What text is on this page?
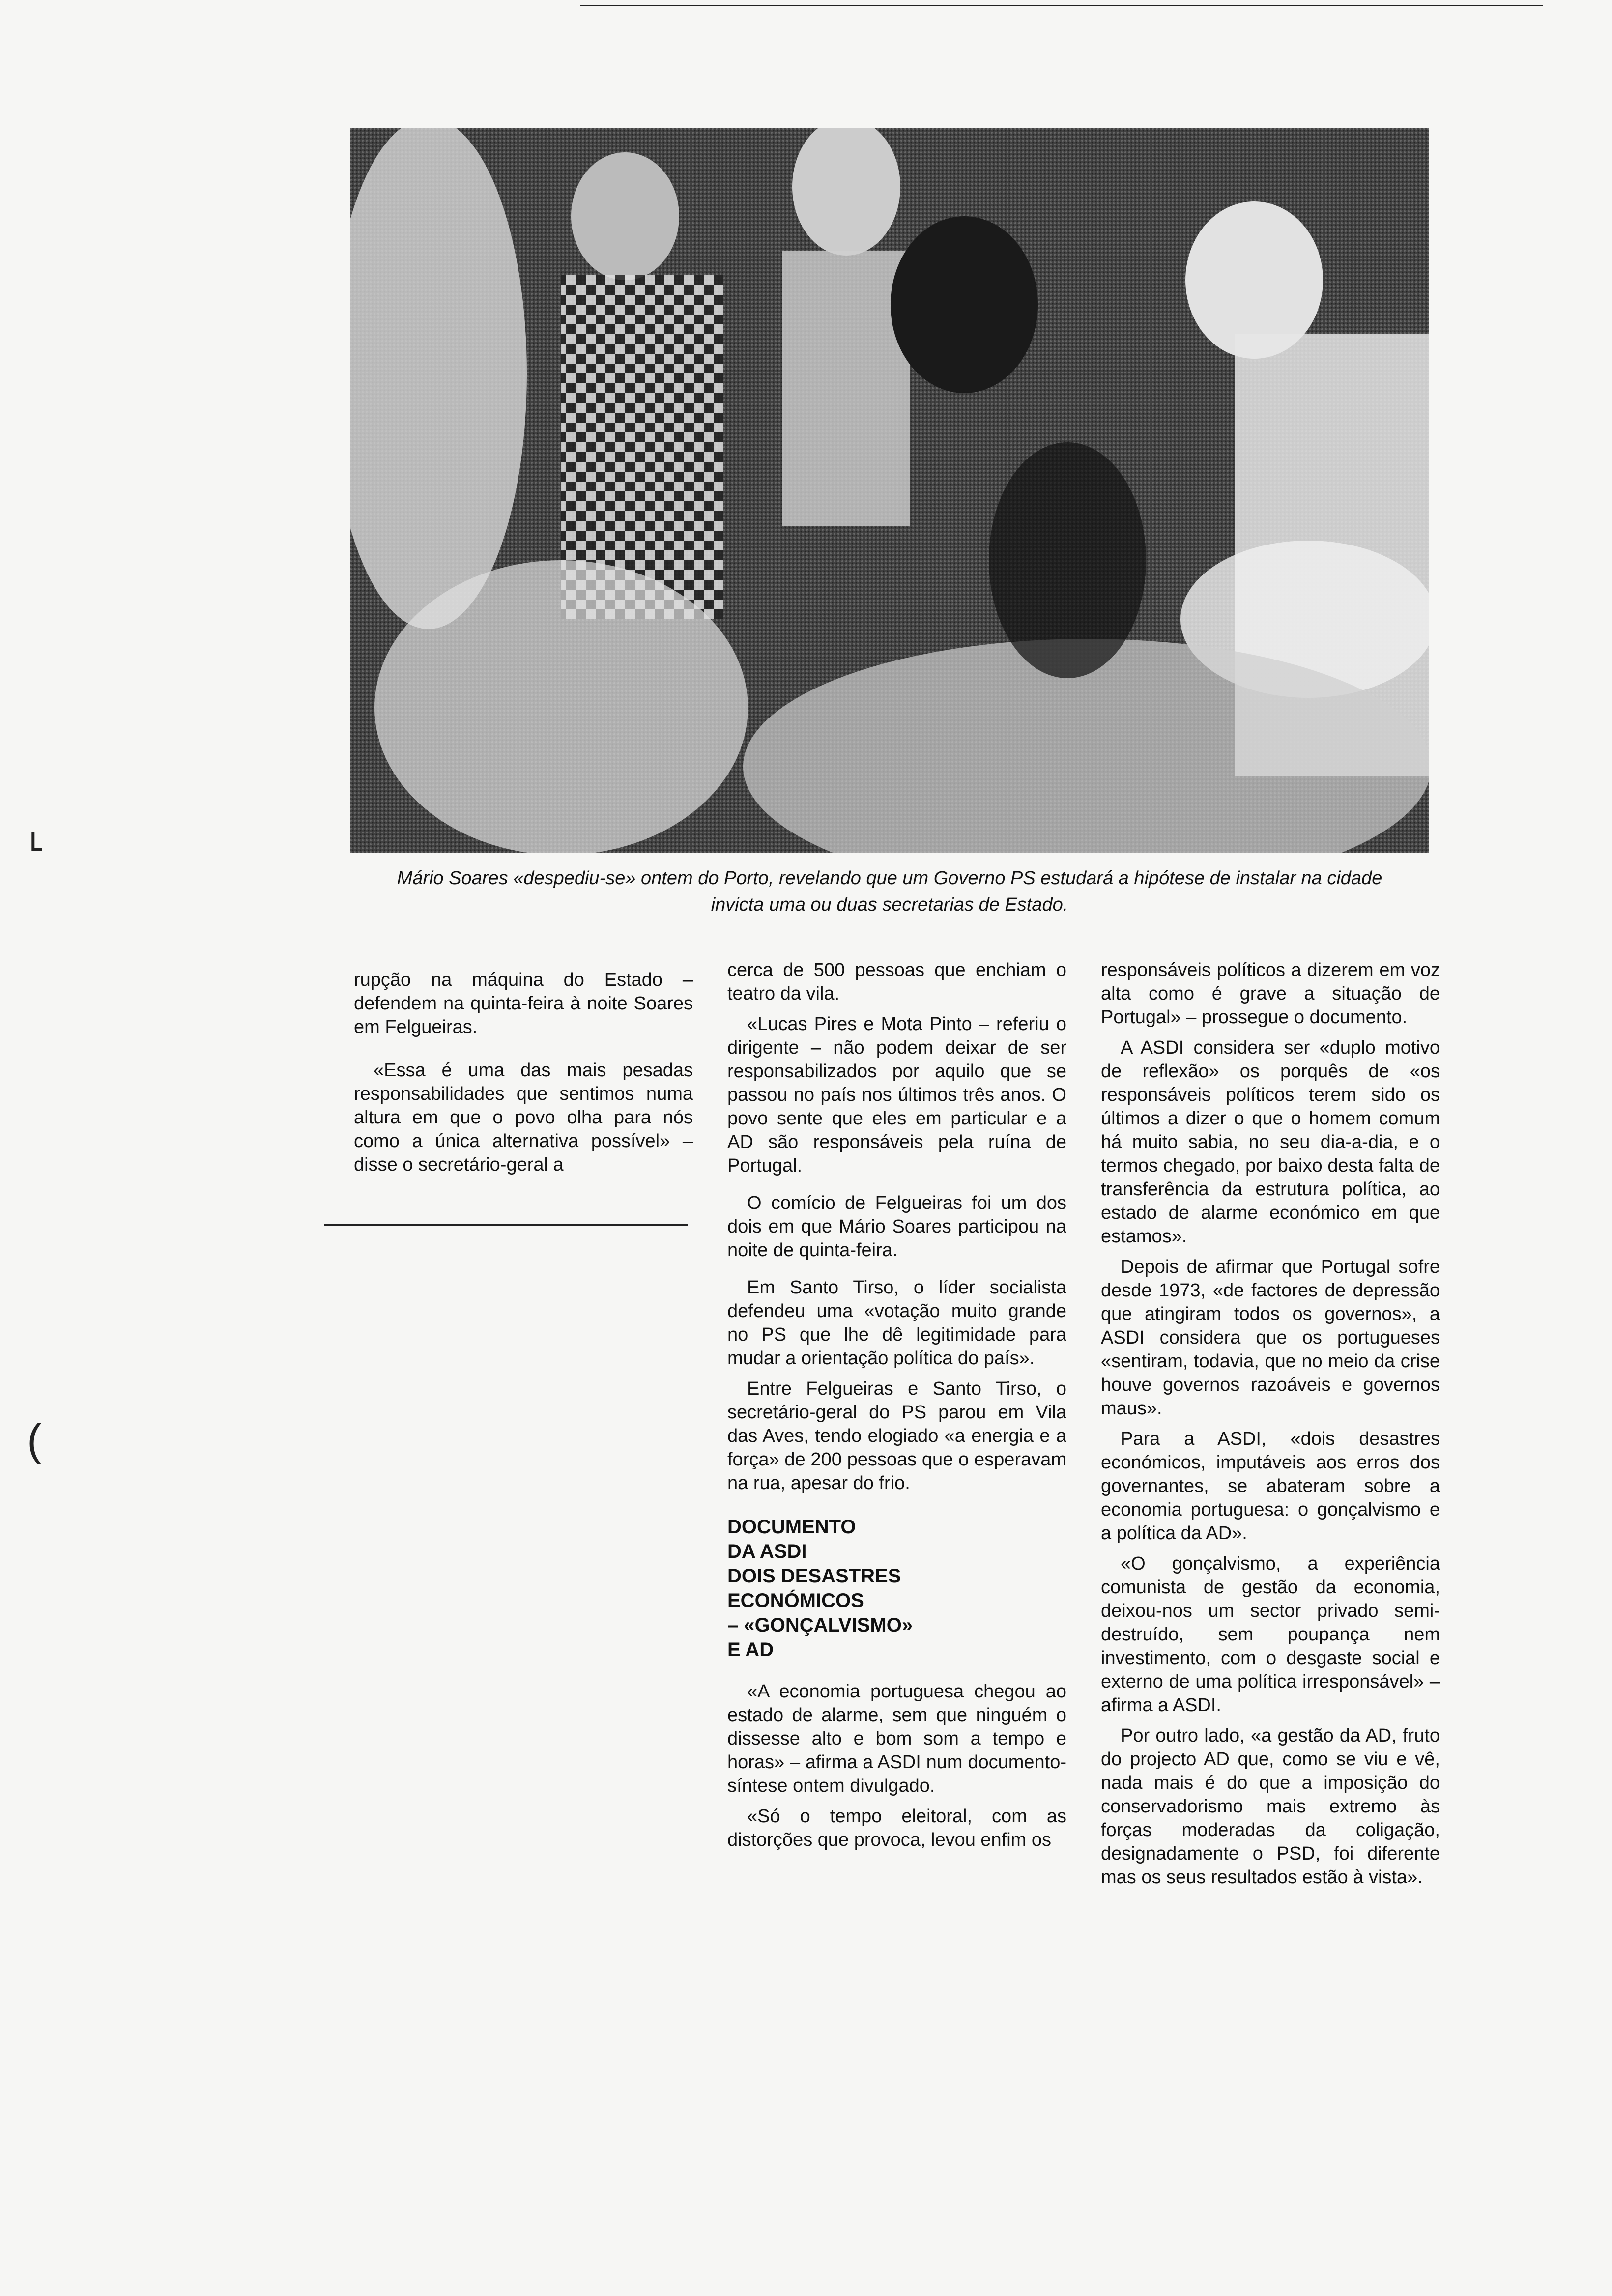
˪
(
Mário Soares «despediu-se» ontem do Porto, revelando que um Governo PS estudará a hipótese de instalar na cidade
invicta uma ou duas secretarias de Estado.

rupção na máquina do Estado – defendem na quinta-feira à noite Soares em Felgueiras.

«Essa é uma das mais pesadas responsabilidades que sentimos numa altura em que o povo olha para nós como a única alternativa possível» – disse o secretário-geral a

cerca de 500 pessoas que enchiam o teatro da vila.

«Lucas Pires e Mota Pinto – referiu o dirigente – não podem deixar de ser responsabilizados por aquilo que se passou no país nos últimos três anos. O povo sente que eles em particular e a AD são responsáveis pela ruína de Portugal.

O comício de Felgueiras foi um dos dois em que Mário Soares participou na noite de quinta-feira.

Em Santo Tirso, o líder socialista defendeu uma «votação muito grande no PS que lhe dê legitimidade para mudar a orientação política do país».

Entre Felgueiras e Santo Tirso, o secretário-geral do PS parou em Vila das Aves, tendo elogiado «a energia e a força» de 200 pessoas que o esperavam na rua, apesar do frio.

DOCUMENTO
DA ASDI
DOIS DESASTRES
ECONÓMICOS
– «GONÇALVISMO»
E AD

«A economia portuguesa chegou ao estado de alarme, sem que ninguém o dissesse alto e bom som a tempo e horas» – afirma a ASDI num documento-síntese ontem divulgado.

«Só o tempo eleitoral, com as distorções que provoca, levou enfim os

responsáveis políticos a dizerem em voz alta como é grave a situação de Portugal» – prossegue o documento.

A ASDI considera ser «duplo motivo de reflexão» os porquês de «os responsáveis políticos terem sido os últimos a dizer o que o homem comum há muito sabia, no seu dia-a-dia, e o termos chegado, por baixo desta falta de transferência da estrutura política, ao estado de alarme económico em que estamos».

Depois de afirmar que Portugal sofre desde 1973, «de factores de depressão que atingiram todos os governos», a ASDI considera que os portugueses «sentiram, todavia, que no meio da crise houve governos razoáveis e governos maus».

Para a ASDI, «dois desastres económicos, imputáveis aos erros dos governantes, se abateram sobre a economia portuguesa: o gonçalvismo e a política da AD».

«O gonçalvismo, a experiência comunista de gestão da economia, deixou-nos um sector privado semi-destruído, sem poupança nem investimento, com o desgaste social e externo de uma política irresponsável» – afirma a ASDI.

Por outro lado, «a gestão da AD, fruto do projecto AD que, como se viu e vê, nada mais é do que a imposição do conservadorismo mais extremo às forças moderadas da coligação, designadamente o PSD, foi diferente mas os seus resultados estão à vista».
